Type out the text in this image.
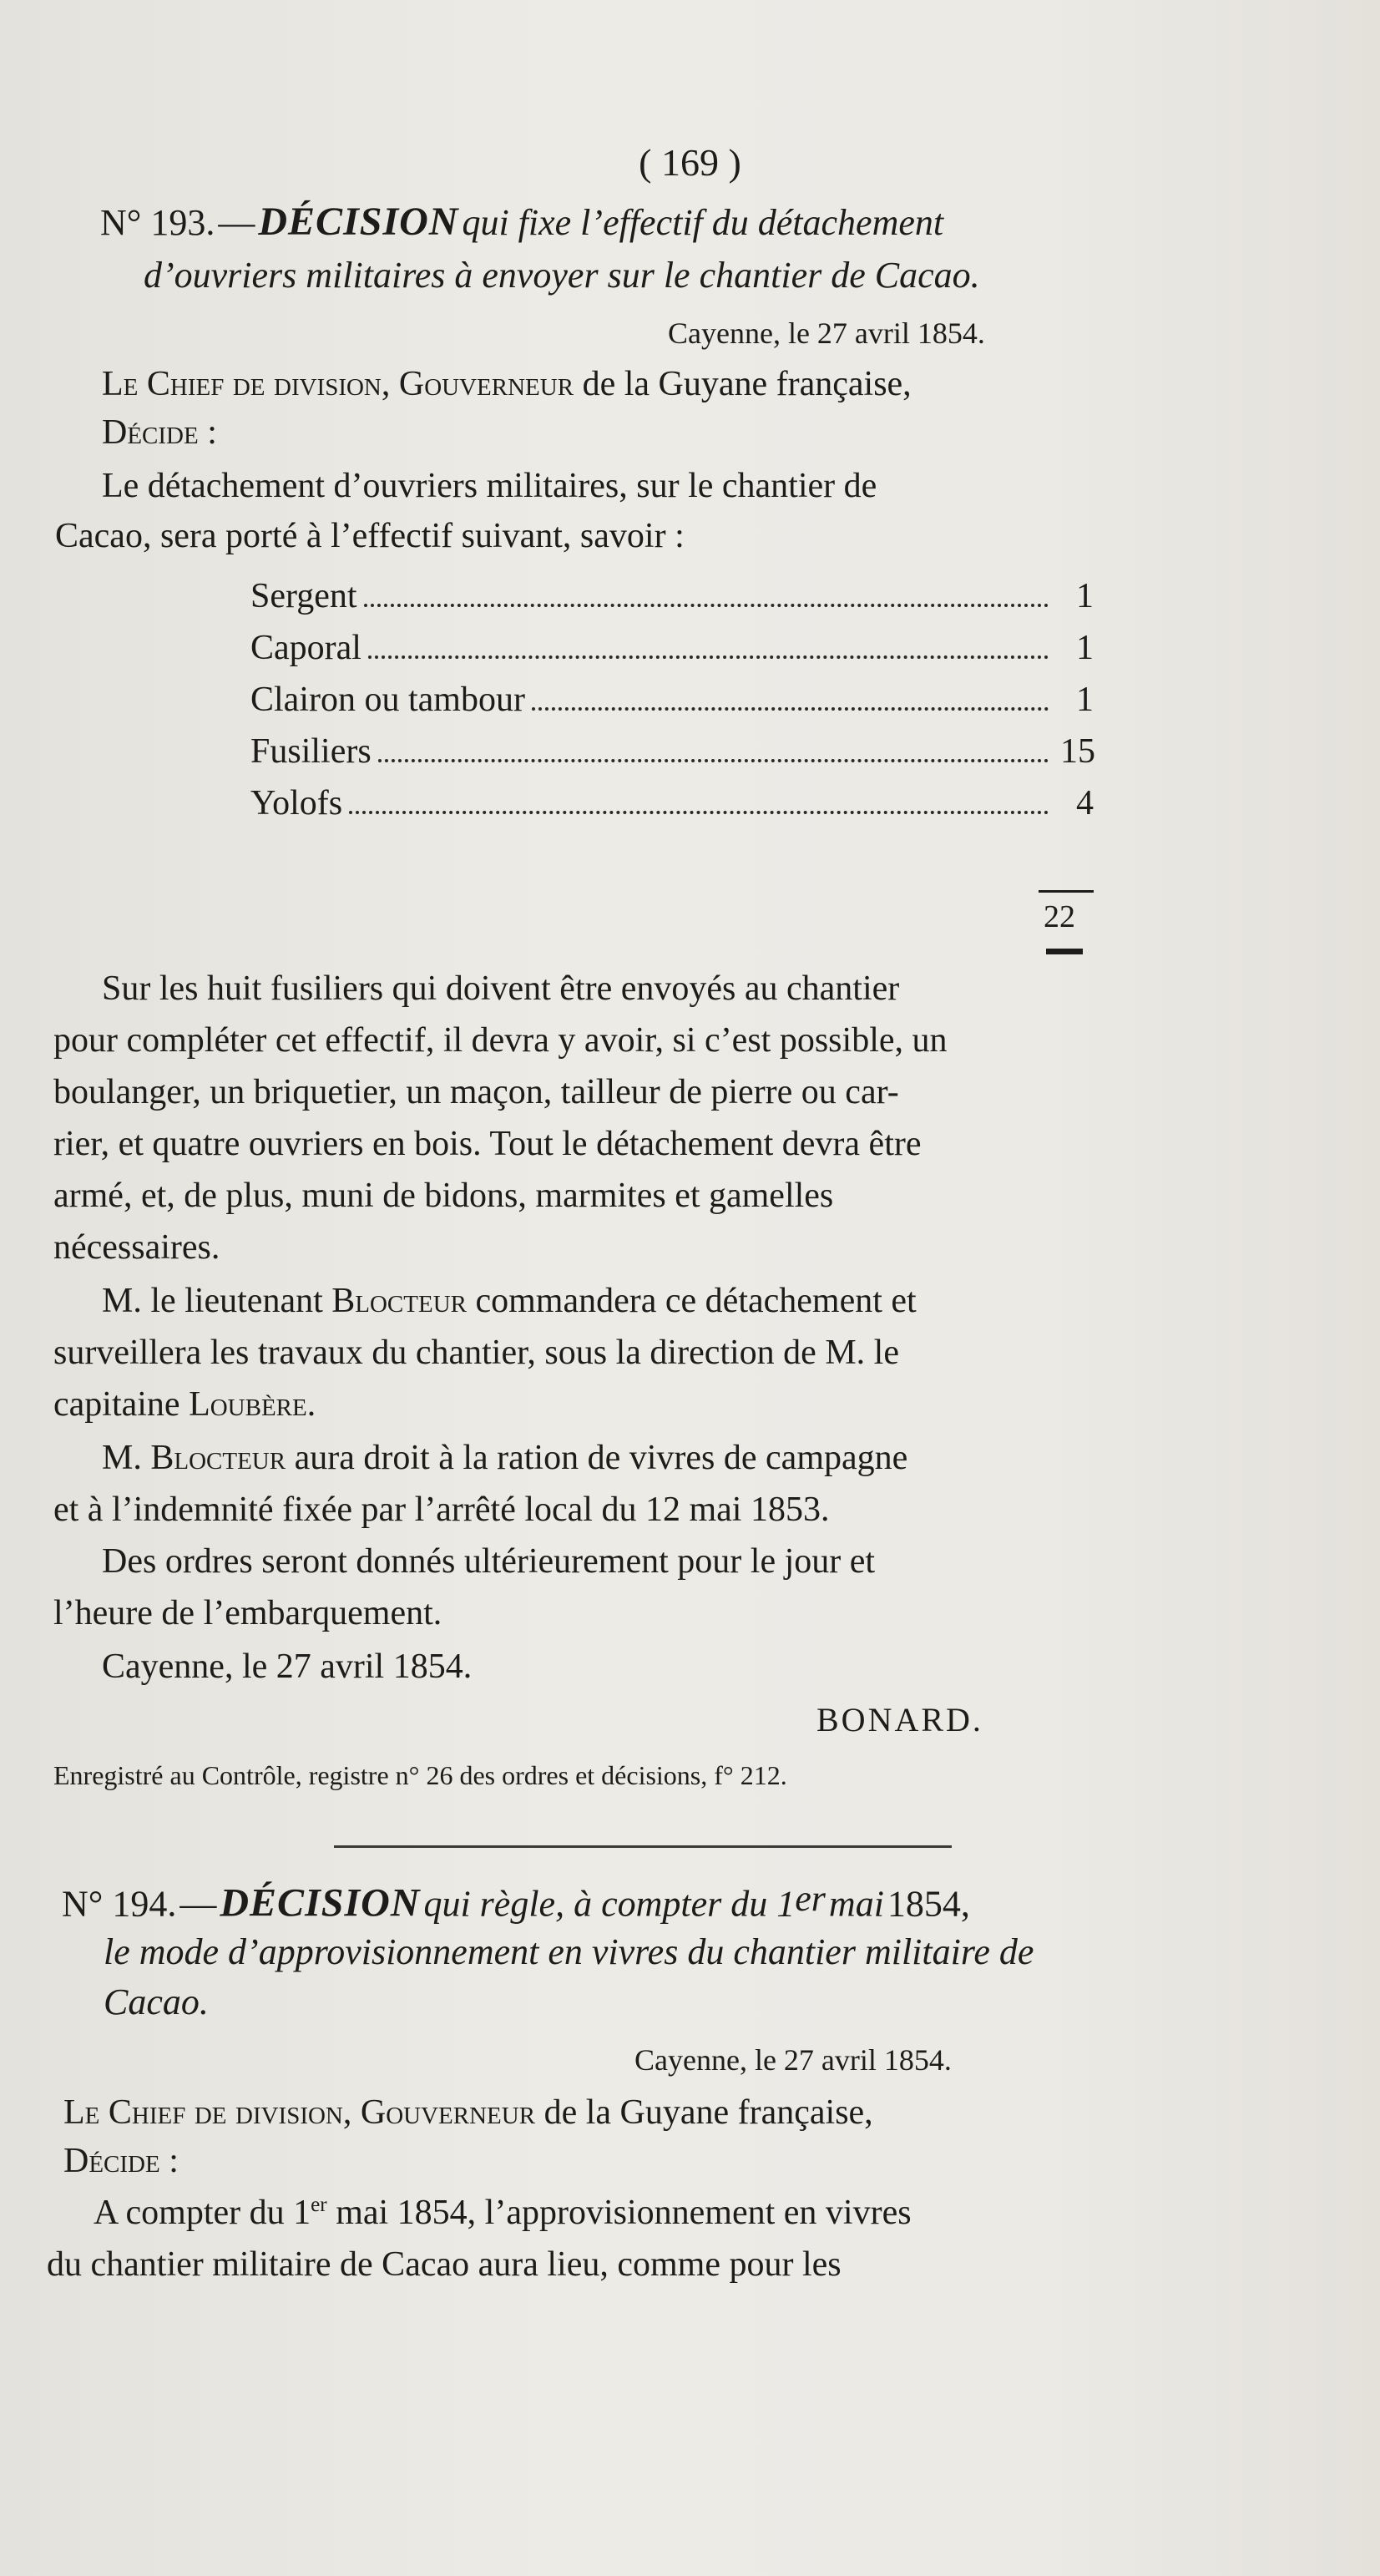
( 169 )
N° 193. — DÉCISION qui fixe l’effectif du détachement
d’ouvriers militaires à envoyer sur le chantier de Cacao.
Cayenne, le 27 avril 1854.
Le Chief de division, Gouverneur de la Guyane française,
Décide :
Le détachement d’ouvriers militaires, sur le chantier de
Cacao, sera porté à l’effectif suivant, savoir :
Sergent	1
Caporal	1
Clairon ou tambour	1
Fusiliers	15
Yolofs	4
22
Sur les huit fusiliers qui doivent être envoyés au chantier
pour compléter cet effectif, il devra y avoir, si c’est possible, un
boulanger, un briquetier, un maçon, tailleur de pierre ou car-
rier, et quatre ouvriers en bois. Tout le détachement devra être
armé, et, de plus, muni de bidons, marmites et gamelles
nécessaires.
M. le lieutenant Blocteur commandera ce détachement et
surveillera les travaux du chantier, sous la direction de M. le
capitaine Loubère.
M. Blocteur aura droit à la ration de vivres de campagne
et à l’indemnité fixée par l’arrêté local du 12 mai 1853.
Des ordres seront donnés ultérieurement pour le jour et
l’heure de l’embarquement.
Cayenne, le 27 avril 1854.
BONARD.
Enregistré au Contrôle, registre n° 26 des ordres et décisions, f° 212.
N° 194. — DÉCISION qui règle, à compter du 1er mai 1854,
le mode d’approvisionnement en vivres du chantier militaire de
Cacao.
Cayenne, le 27 avril 1854.
Le Chief de division, Gouverneur de la Guyane française,
Décide :
A compter du 1er mai 1854, l’approvisionnement en vivres
du chantier militaire de Cacao aura lieu, comme pour les
